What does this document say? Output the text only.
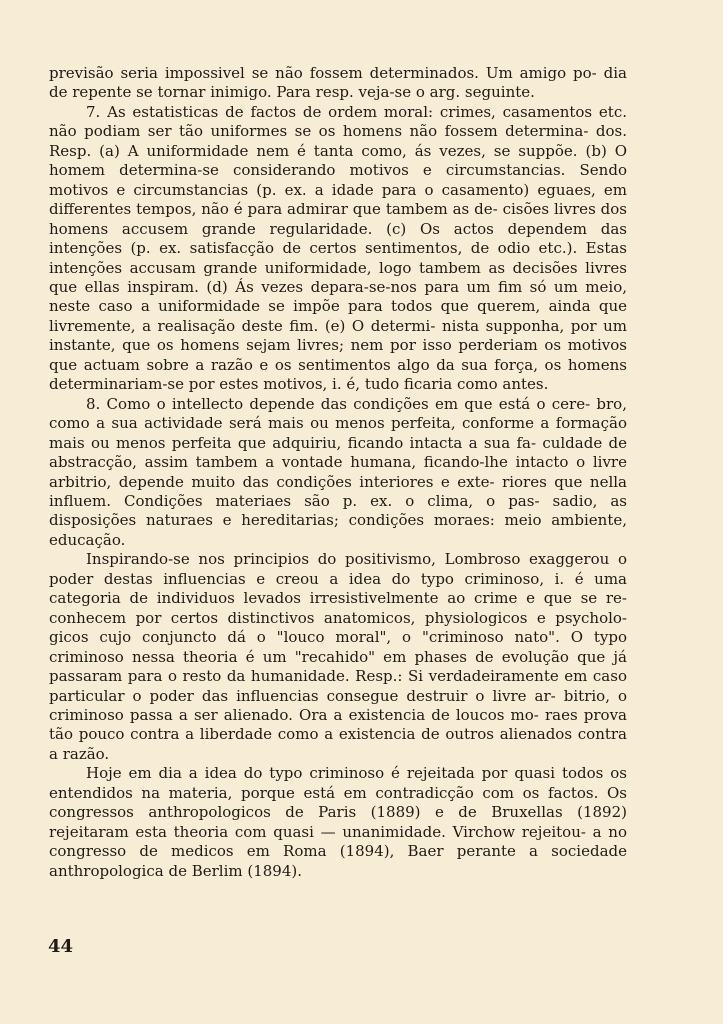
previsão seria impossivel se não fossem determinados. Um amigo po- dia de repente se tornar inimigo. Para resp. veja-se o arg. seguinte.

7. As estatisticas de factos de ordem moral: crimes, casamentos etc. não podiam ser tão uniformes se os homens não fossem determina- dos. Resp. (a) A uniformidade nem é tanta como, ás vezes, se suppõe. (b) O homem determina-se considerando motivos e circumstancias. Sendo motivos e circumstancias (p. ex. a idade para o casamento) eguaes, em differentes tempos, não é para admirar que tambem as de- cisões livres dos homens accusem grande regularidade. (c) Os actos dependem das intenções (p. ex. satisfacção de certos sentimentos, de odio etc.). Estas intenções accusam grande uniformidade, logo tambem as decisões livres que ellas inspiram. (d) Ás vezes depara-se-nos para um fim só um meio, neste caso a uniformidade se impõe para todos que querem, ainda que livremente, a realisação deste fim. (e) O determi- nista supponha, por um instante, que os homens sejam livres; nem por isso perderiam os motivos que actuam sobre a razão e os sentimentos algo da sua força, os homens determinariam-se por estes motivos, i. é, tudo ficaria como antes.

8. Como o intellecto depende das condições em que está o cere- bro, como a sua actividade será mais ou menos perfeita, conforme a formação mais ou menos perfeita que adquiriu, ficando intacta a sua fa- culdade de abstracção, assim tambem a vontade humana, ficando-lhe intacto o livre arbitrio, depende muito das condições interiores e exte- riores que nella influem. Condições materiaes são p. ex. o clima, o pas- sadio, as disposições naturaes e hereditarias; condições moraes: meio ambiente, educação.

Inspirando-se nos principios do positivismo, Lombroso exaggerou o poder destas influencias e creou a idea do typo criminoso, i. é uma categoria de individuos levados irresistivelmente ao crime e que se re- conhecem por certos distinctivos anatomicos, physiologicos e psycholo- gicos cujo conjuncto dá o "louco moral", o "criminoso nato". O typo criminoso nessa theoria é um "recahido" em phases de evolução que já passaram para o resto da humanidade. Resp.: Si verdadeiramente em caso particular o poder das influencias consegue destruir o livre ar- bitrio, o criminoso passa a ser alienado. Ora a existencia de loucos mo- raes prova tão pouco contra a liberdade como a existencia de outros alienados contra a razão.

Hoje em dia a idea do typo criminoso é rejeitada por quasi todos os entendidos na materia, porque está em contradicção com os factos. Os congressos anthropologicos de Paris (1889) e de Bruxellas (1892) rejeitaram esta theoria com quasi — unanimidade. Virchow rejeitou- a no congresso de medicos em Roma (1894), Baer perante a sociedade anthropologica de Berlim (1894).

44
